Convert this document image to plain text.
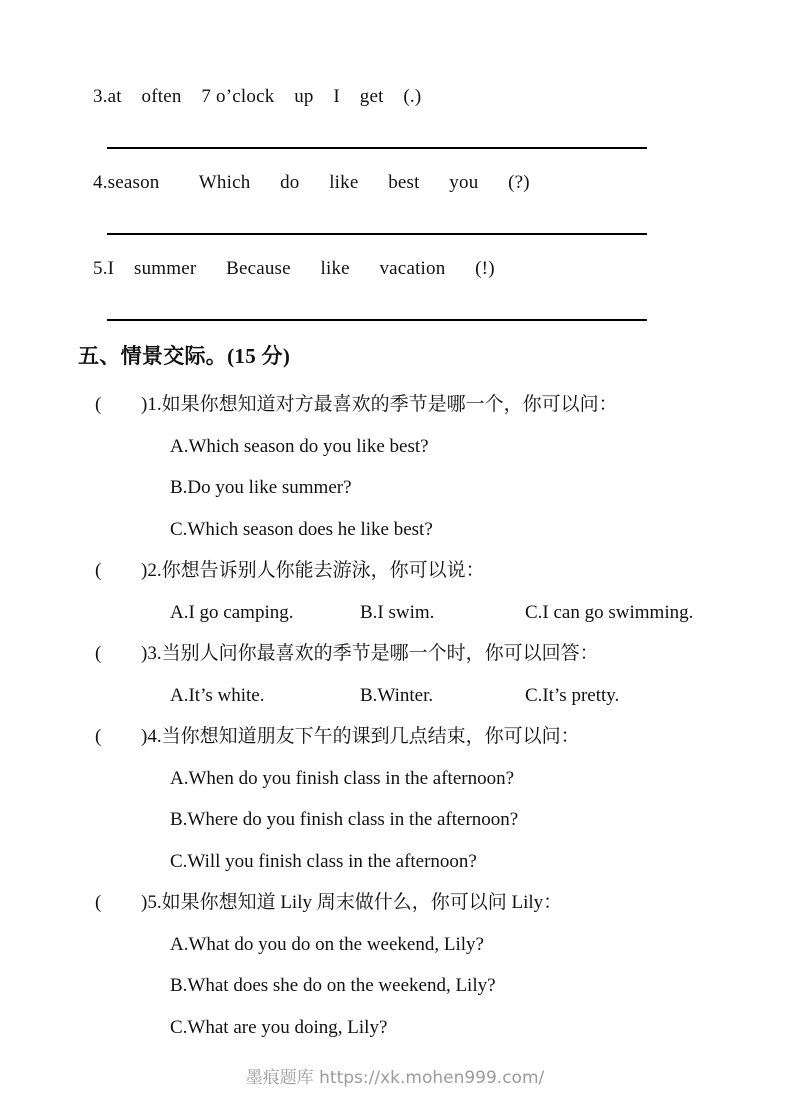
3.at    often    7 o’clock    up    I    get    (.)
4.season        Which      do      like      best      you      (?)
5.I    summer      Because      like      vacation      (!)
五、情景交际。(15 分)
( )1.如果你想知道对方最喜欢的季节是哪一个，你可以问：
A.Which season do you like best?
B.Do you like summer?
C.Which season does he like best?
( )2.你想告诉别人你能去游泳，你可以说：
A.I go camping.	B.I swim.	C.I can go swimming.
( )3.当别人问你最喜欢的季节是哪一个时，你可以回答：
A.It’s white.	B.Winter.	C.It’s pretty.
( )4.当你想知道朋友下午的课到几点结束，你可以问：
A.When do you finish class in the afternoon?
B.Where do you finish class in the afternoon?
C.Will you finish class in the afternoon?
( )5.如果你想知道 Lily 周末做什么，你可以问 Lily：
A.What do you do on the weekend, Lily?
B.What does she do on the weekend, Lily?
C.What are you doing, Lily?
墨痕题库 https://xk.mohen999.com/
